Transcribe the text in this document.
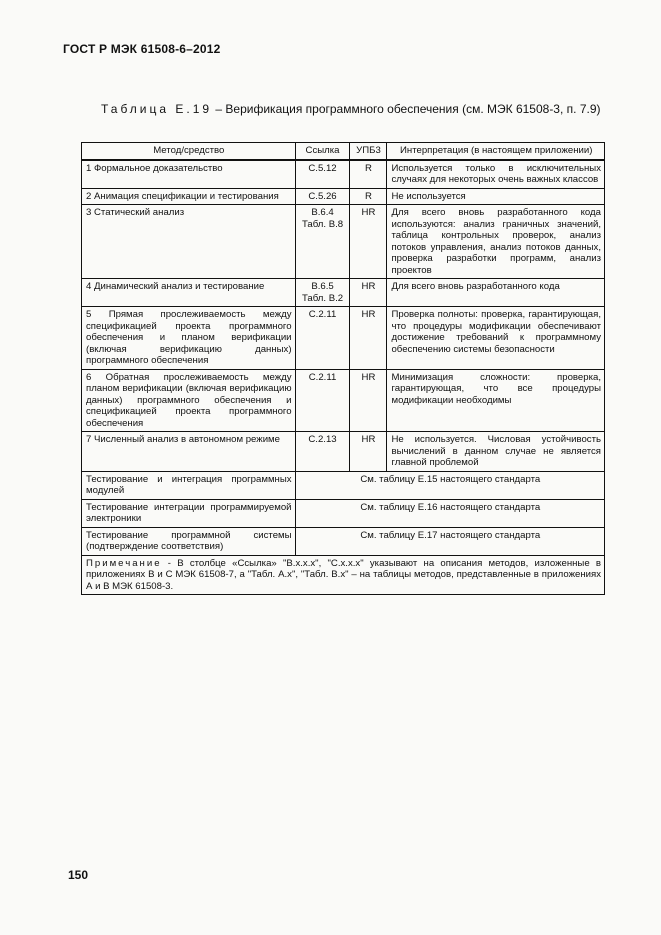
ГОСТ Р МЭК 61508-6–2012
Таблица Е.19 – Верификация программного обеспечения (см. МЭК 61508-3, п. 7.9)
Метод/средство	Ссылка	УПБ3	Интерпретация (в настоящем приложении)
1 Формальное доказательство	С.5.12	R	Используется только в исключительных случаях для некоторых очень важных классов
2 Анимация спецификации и тестирования	С.5.26	R	Не используется
3 Статический анализ	В.6.4 Табл. В.8	HR	Для всего вновь разработанного кода используются: анализ граничных значений, таблица контрольных проверок, анализ потоков управления, анализ потоков данных, проверка разработки программ, анализ проектов
4 Динамический анализ и тестирование	В.6.5 Табл. В.2	HR	Для всего вновь разработанного кода
5 Прямая прослеживаемость между спецификацией проекта программного обеспечения и планом верификации (включая верификацию данных) программного обеспечения	С.2.11	HR	Проверка полноты: проверка, гарантирующая, что процедуры модификации обеспечивают достижение требований к программному обеспечению системы безопасности
6 Обратная прослеживаемость между планом верификации (включая верификацию данных) программного обеспечения и спецификацией проекта программного обеспечения	С.2.11	HR	Минимизация сложности: проверка, гарантирующая, что все процедуры модификации необходимы
7 Численный анализ в автономном режиме	С.2.13	HR	Не используется. Числовая устойчивость вычислений в данном случае не является главной проблемой
Тестирование и интеграция программных модулей	См. таблицу Е.15 настоящего стандарта		
Тестирование интеграции программируемой электроники	См. таблицу Е.16 настоящего стандарта		
Тестирование программной системы (подтверждение соответствия)	См. таблицу Е.17 настоящего стандарта		
Примечание - В столбце «Ссылка» "В.х.х.х", "С.х.х.х" указывают на описания методов, изложенные в приложениях В и С МЭК 61508-7, а "Табл. А.х", "Табл. В.х" – на таблицы методов, представленные в приложениях А и В МЭК 61508-3.			
150
